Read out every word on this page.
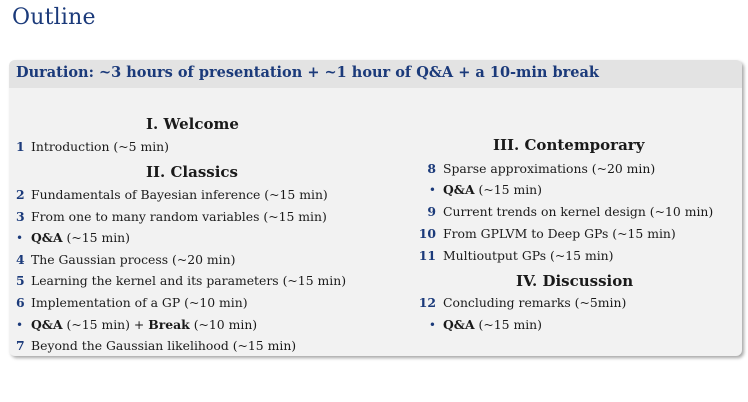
Outline
Duration: ~3 hours of presentation + ~1 hour of Q&A + a 10-min break
I. Welcome
1 Introduction (~5 min)
II. Classics
2 Fundamentals of Bayesian inference (~15 min)
3 From one to many random variables (~15 min)
• Q&A (~15 min)
4 The Gaussian process (~20 min)
5 Learning the kernel and its parameters (~15 min)
6 Implementation of a GP (~10 min)
• Q&A (~15 min) + Break (~10 min)
7 Beyond the Gaussian likelihood (~15 min)
III. Contemporary
8 Sparse approximations (~20 min)
• Q&A (~15 min)
9 Current trends on kernel design (~10 min)
10 From GPLVM to Deep GPs (~15 min)
11 Multioutput GPs (~15 min)
IV. Discussion
12 Concluding remarks (~5min)
• Q&A (~15 min)
